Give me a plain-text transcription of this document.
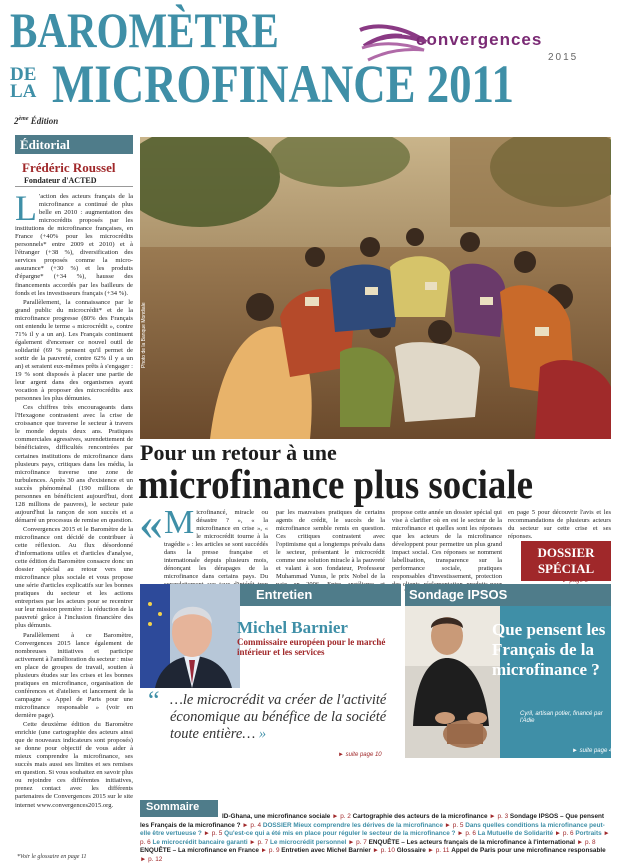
BAROMÈTRE
DE
LA MICROFINANCE 2011
2ème Édition
convergences
2015
Éditorial
Frédéric Roussel
Fondateur d'ACTED

L 'action des acteurs français de la microfinance a continué de plus belle en 2010 : augmentation des microcrédits proposés par les institutions de microfinance françaises, en France (+40% pour les microcrédits personnels* entre 2009 et 2010) et à l'étranger (+38 %), diversification des services proposés comme la micro-assurance* (+30 %) et les produits d'épargne* (+34 %), hausse des financements accordés par les bailleurs de fonds et les investisseurs français (+34 %).

Parallèlement, la connaissance par le grand public du microcrédit* et de la microfinance progresse (80% des Français ont entendu le terme « microcrédit », contre 71% il y a un an). Les Français continuent également d'encenser ce nouvel outil de solidarité (69 % pensent qu'il permet de sortir de la pauvreté, contre 62% il y a un an) et seraient eux-mêmes prêts à s'engager : 19 % sont disposés à placer une partie de leur argent dans des organismes ayant vocation à proposer des microcrédits aux personnes les plus démunies.

Ces chiffres très encourageants dans l'Hexagone contrastent avec la crise de croissance que traverse le secteur à travers le monde depuis deux ans. Pratiques commerciales agressives, surendettement de bénéficiaires, difficultés rencontrées par certaines institutions de microfinance dans plusieurs pays, critiques dans les média, la microfinance traverse une zone de turbulences. Après 30 ans d'existence et un succès phénoménal (190 millions de personnes en bénéficient aujourd'hui, dont 128 millions de pauvres), le secteur paie aujourd'hui la rançon de son succès et a démarré un processus de remise en question.

Convergences 2015 et le Baromètre de la microfinance ont décidé de contribuer à cette réflexion. Au flux désordonné d'informations utiles et d'articles d'analyse, cette édition du Baromètre consacre donc un dossier spécial au retour vers une microfinance plus sociale et vous propose une série d'articles explicatifs sur les bonnes pratiques du secteur et les actions entreprises par les acteurs pour se recentrer sur leur mission première : la réduction de la pauvreté grâce à l'inclusion financière des plus démunis.

Parallèlement à ce Baromètre, Convergences 2015 lance également de nombreuses initiatives et participe activement à l'amélioration du secteur : mise en place de groupes de travail, soutien à plusieurs études sur les crises et les bonnes pratiques en microfinance, organisation de conférences et d'ateliers et lancement de la campagne « Appel de Paris pour une microfinance responsable » (voir en dernière page).

Cette deuxième édition du Baromètre enrichie (une cartographie des acteurs ainsi que de nouveaux indicateurs sont proposés) se donne pour objectif de vous aider à mieux comprendre la microfinance, ses succès mais aussi ses limites et ses remises en question. Si vous souhaitez en savoir plus ou rejoindre ces différentes initiatives, prenez contact avec les différents partenaires de Convergences 2015 sur le site internet www.convergences2015.org.

*Voir le glossaire en page 11
Photo de la Banque Mondiale
Pour un retour à une
microfinance plus sociale
« Microfinancé, miracle ou désastre ? », « la microfinance en crise », « le microcrédit tourne à la tragédie » : les articles se sont succédés dans la presse française et internationale depuis plusieurs mois, dénonçant les dérapages de la microfinance dans certains pays. Du
par les mauvaises pratiques de certains agents de crédit, le succès de la microfinance semble remis en question. Ces critiques contrastent avec l'optimisme qui a longtemps prévalu dans le secteur, présentant le microcrédit comme une solution miracle à la pauvreté et valant à son fondateur, Professeur Muhammad Yunus, le prix Nobel de la
propose cette année un dossier spécial qui vise à clarifier où en est le secteur de la microfinance et quelles sont les réponses que les acteurs de la microfinance développent pour permettre un plus grand impact social. Ces réponses se nomment labellisation, transparence sur la performance sociale, pratiques responsables d'investissement, protection
en page 5 pour découvrir l'avis et les recommandations de plusieurs acteurs du secteur sur cette crise et ses réponses.
DOSSIER SPÉCIAL
► page 5
Entretien
Michel Barnier
Commissaire européen pour le marché intérieur et les services
“ …le microcrédit va créer de l'activité économique au bénéfice de la société toute entière… »
► suite page 10
Sondage IPSOS
Que pensent les Français de la microfinance ?
Cyril, artisan potier, financé par l'Adie
► suite page 4
Sommaire
ID-Ghana, une microfinance sociale ► p. 2 Cartographie des acteurs de la microfinance ► p. 3 Sondage IPSOS – Que pensent les Français de la microfinance ? ► p. 4 DOSSIER Mieux comprendre les dérives de la microfinance ► p. 5 Dans quelles conditions la microfinance peut-elle être vertueuse ? ► p. 5 Qu'est-ce qui a été mis en place pour réguler le secteur de la microfinance ? ► p. 6 La Mutuelle de Solidarité ► p. 6 Portraits ► p. 6 Le microcrédit bancaire garanti ► p. 7 Le microcrédit personnel ► p. 7 ENQUÊTE – Les acteurs français de la microfinance à l'international ► p. 8 ENQUÊTE – La microfinance en France ► p. 9 Entretien avec Michel Barnier ► p. 10 Glossaire ► p. 11 Appel de Paris pour une microfinance responsable ► p. 12
